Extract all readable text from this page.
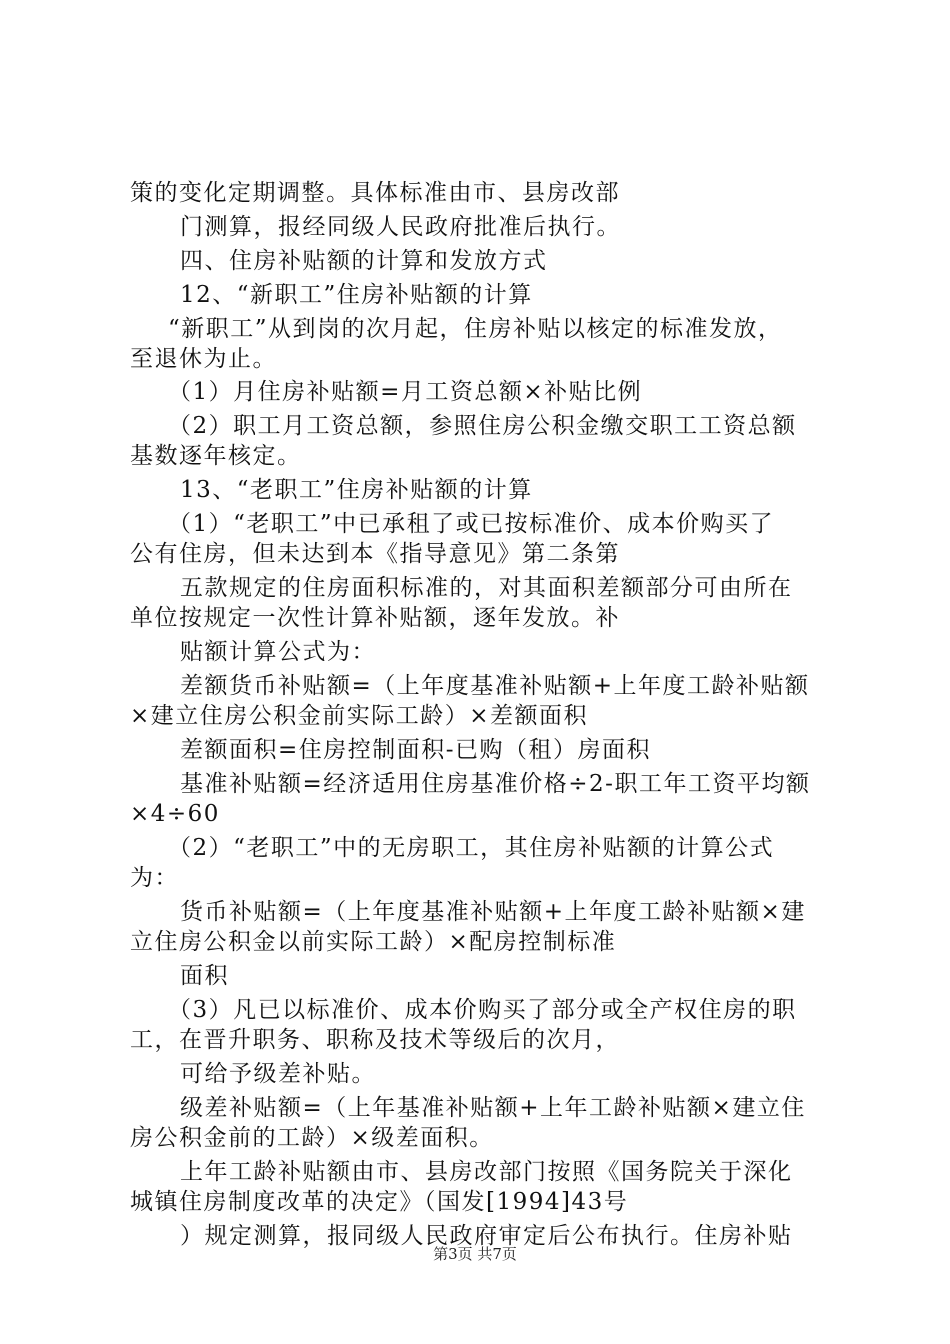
策的变化定期调整。具体标准由市、县房改部
门测算，报经同级人民政府批准后执行。
四、住房补贴额的计算和发放方式
12、“新职工”住房补贴额的计算
“新职工”从到岗的次月起，住房补贴以核定的标准发放，
至退休为止。
（1）月住房补贴额=月工资总额×补贴比例
（2）职工月工资总额，参照住房公积金缴交职工工资总额
基数逐年核定。
13、“老职工”住房补贴额的计算
（1）“老职工”中已承租了或已按标准价、成本价购买了
公有住房，但未达到本《指导意见》第二条第
五款规定的住房面积标准的，对其面积差额部分可由所在
单位按规定一次性计算补贴额，逐年发放。补
贴额计算公式为：
差额货币补贴额=（上年度基准补贴额+上年度工龄补贴额
×建立住房公积金前实际工龄）×差额面积
差额面积=住房控制面积-已购（租）房面积
基准补贴额=经济适用住房基准价格÷2-职工年工资平均额
×4÷60
（2）“老职工”中的无房职工，其住房补贴额的计算公式
为：
货币补贴额=（上年度基准补贴额+上年度工龄补贴额×建
立住房公积金以前实际工龄）×配房控制标准
面积
（3）凡已以标准价、成本价购买了部分或全产权住房的职
工，在晋升职务、职称及技术等级后的次月，
可给予级差补贴。
级差补贴额=（上年基准补贴额+上年工龄补贴额×建立住
房公积金前的工龄）×级差面积。
上年工龄补贴额由市、县房改部门按照《国务院关于深化
城镇住房制度改革的决定》（国发[1994]43号
）规定测算，报同级人民政府审定后公布执行。住房补贴
第3页 共7页
